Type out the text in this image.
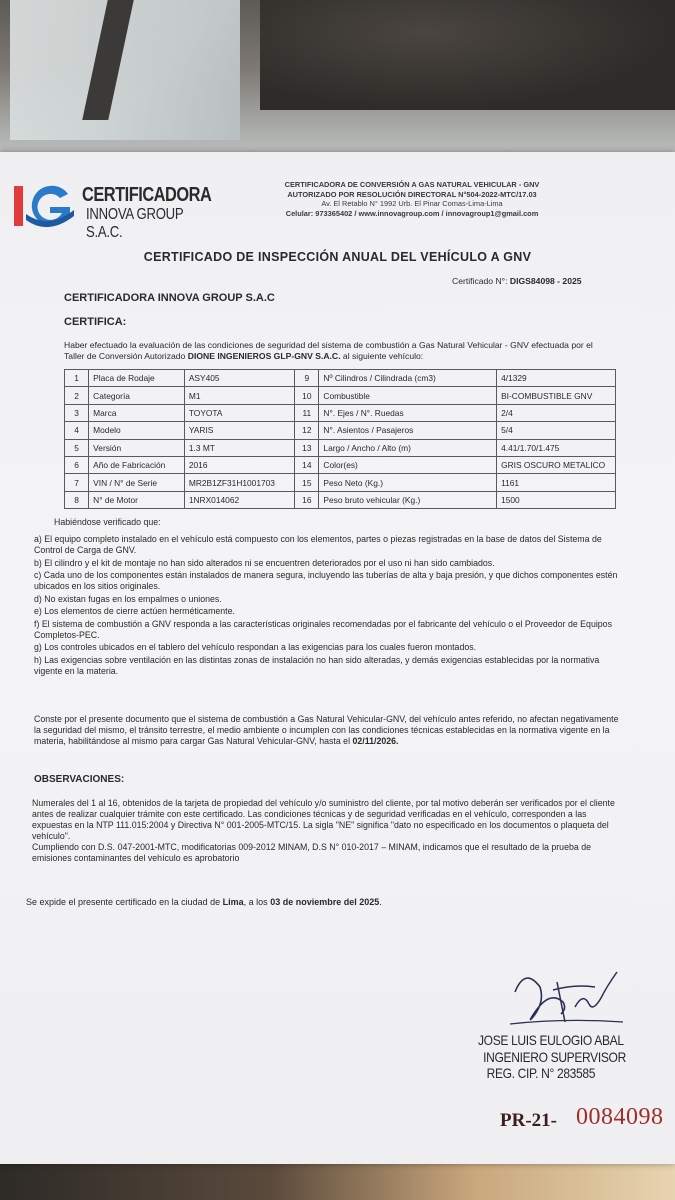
CERTIFICADORA
INNOVA GROUP S.A.C.
CERTIFICADORA DE CONVERSIÓN A GAS NATURAL VEHICULAR - GNV
AUTORIZADO POR RESOLUCIÓN DIRECTORAL N°504-2022-MTC/17.03
Av. El Retablo N° 1992 Urb. El Pinar Comas-Lima-Lima
Celular: 973365402 / www.innovagroup.com / innovagroup1@gmail.com
CERTIFICADO DE INSPECCIÓN ANUAL DEL VEHÍCULO A GNV
Certificado N°: DIGS84098 - 2025
CERTIFICADORA INNOVA GROUP S.A.C
CERTIFICA:
Haber efectuado la evaluación de las condiciones de seguridad del sistema de combustión a Gas Natural Vehicular - GNV efectuada por el Taller de Conversión Autorizado DIONE INGENIEROS GLP-GNV S.A.C. al siguiente vehículo:
1	Placa de Rodaje	ASY405	9	Nº Cilindros / Cilindrada (cm3)	4/1329
2	Categoría	M1	10	Combustible	BI-COMBUSTIBLE GNV
3	Marca	TOYOTA	11	N°. Ejes / N°. Ruedas	2/4
4	Modelo	YARIS	12	N°. Asientos / Pasajeros	5/4
5	Versión	1.3 MT	13	Largo / Ancho / Alto (m)	4.41/1.70/1.475
6	Año de Fabricación	2016	14	Color(es)	GRIS OSCURO METALICO
7	VIN / N° de Serie	MR2B1ZF31H1001703	15	Peso Neto (Kg.)	1161
8	N° de Motor	1NRX014062	16	Peso bruto vehicular (Kg.)	1500
Habiéndose verificado que:

a) El equipo completo instalado en el vehículo está compuesto con los elementos, partes o piezas registradas en la base de datos del Sistema de Control de Carga de GNV.

b) El cilindro y el kit de montaje no han sido alterados ni se encuentren deteriorados por el uso ni han sido cambiados.

c) Cada uno de los componentes están instalados de manera segura, incluyendo las tuberías de alta y baja presión, y que dichos componentes estén ubicados en los sitios originales.

d) No existan fugas en los empalmes o uniones.

e) Los elementos de cierre actúen herméticamente.

f) El sistema de combustión a GNV responda a las características originales recomendadas por el fabricante del vehículo o el Proveedor de Equipos Completos-PEC.

g) Los controles ubicados en el tablero del vehículo respondan a las exigencias para los cuales fueron montados.

h) Las exigencias sobre ventilación en las distintas zonas de instalación no han sido alteradas, y demás exigencias establecidas por la normativa vigente en la materia.

Conste por el presente documento que el sistema de combustión a Gas Natural Vehicular-GNV, del vehículo antes referido, no afectan negativamente la seguridad del mismo, el tránsito terrestre, el medio ambiente o incumplen con las condiciones técnicas establecidas en la normativa vigente en la materia, habilitándose al mismo para cargar Gas Natural Vehicular-GNV, hasta el 02/11/2026.
OBSERVACIONES:
Numerales del 1 al 16, obtenidos de la tarjeta de propiedad del vehículo y/o suministro del cliente, por tal motivo deberán ser verificados por el cliente antes de realizar cualquier trámite con este certificado. Las condiciones técnicas y de seguridad verificadas en el vehículo, corresponden a las expuestas en la NTP 111.015:2004 y Directiva N° 001-2005-MTC/15. La sigla "NE" significa "dato no especificado en los documentos o plaqueta del vehículo".
Cumpliendo con D.S. 047-2001-MTC, modificatorias 009-2012 MINAM, D.S N° 010-2017 – MINAM, indicamos que el resultado de la prueba de emisiones contaminantes del vehículo es aprobatorio
Se expide el presente certificado en la ciudad de Lima, a los 03 de noviembre del 2025.
JOSE LUIS EULOGIO ABAL
INGENIERO SUPERVISOR
REG. CIP. N° 283585
PR-21- 0084098
